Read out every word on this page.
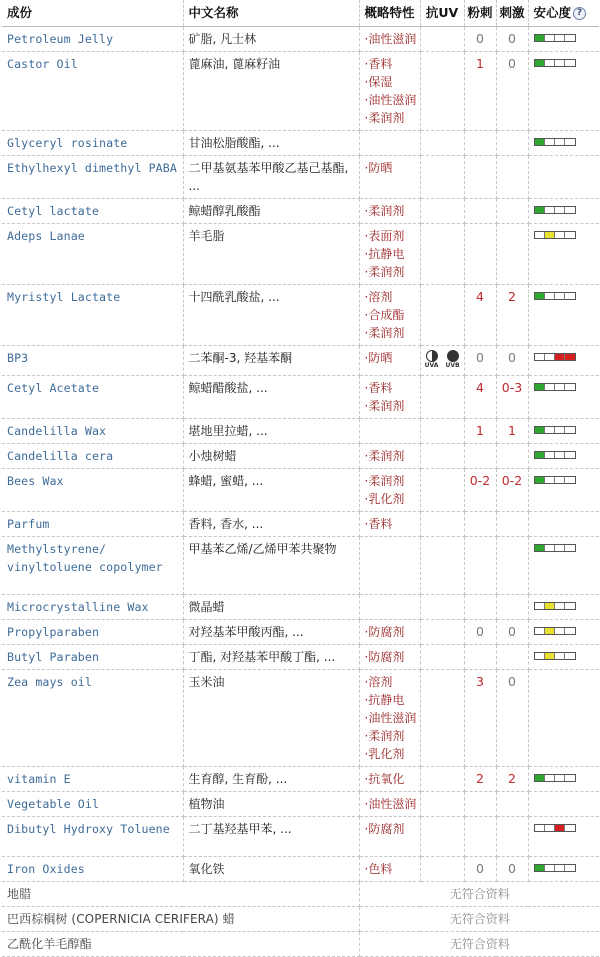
成份	中文名称	概略特性	抗UV	粉刺	刺激	安心度 ?
Petroleum Jelly	矿脂, 凡士林	·油性滋润		0	0	

Castor Oil	蓖麻油, 蓖麻籽油	·香料
·保湿
·油性滋润
·柔润剂		1	0	

Glyceryl rosinate	甘油松脂酸酯, ...					

Ethylhexyl dimethyl PABA	二甲基氨基苯甲酸乙基己基酯, ...	·防晒				

Cetyl lactate	鲸蜡醇乳酸酯	·柔润剂				

Adeps Lanae	羊毛脂	·表面剂
·抗静电
·柔润剂				

Myristyl Lactate	十四酰乳酸盐, ...	·溶剂
·合成酯
·柔润剂		4	2	

BP3	二苯酮-3, 羟基苯酮	·防晒	UVA UVB	0	0	

Cetyl Acetate	鲸蜡醋酸盐, ...	·香料
·柔润剂		4	0-3	

Candelilla Wax	堪地里拉蜡, ...			1	1	

Candelilla cera	小烛树蜡	·柔润剂				

Bees Wax	蜂蜡, 蜜蜡, ...	·柔润剂
·乳化剂		0-2	0-2	

Parfum	香料, 香水, ...	·香料				

Methylstyrene/ vinyltoluene copolymer	甲基苯乙烯/乙烯甲苯共聚物					

Microcrystalline Wax	微晶蜡					

Propylparaben	对羟基苯甲酸丙酯, ...	·防腐剂		0	0	

Butyl Paraben	丁酯, 对羟基苯甲酸丁酯, ...	·防腐剂				

Zea mays oil	玉米油	·溶剂
·抗静电
·油性滋润
·柔润剂
·乳化剂		3	0	
vitamin E	生育醇, 生育酚, ...	·抗氧化		2	2	

Vegetable Oil	植物油	·油性滋润				

Dibutyl Hydroxy Toluene	二丁基羟基甲苯, ...	·防腐剂				

Iron Oxides	氧化铁	·色料		0	0	

地腊		无符合资料				
巴西棕榈树 (COPERNICIA CERIFERA) 蜡		无符合资料				
乙酰化羊毛醇酯		无符合资料				
